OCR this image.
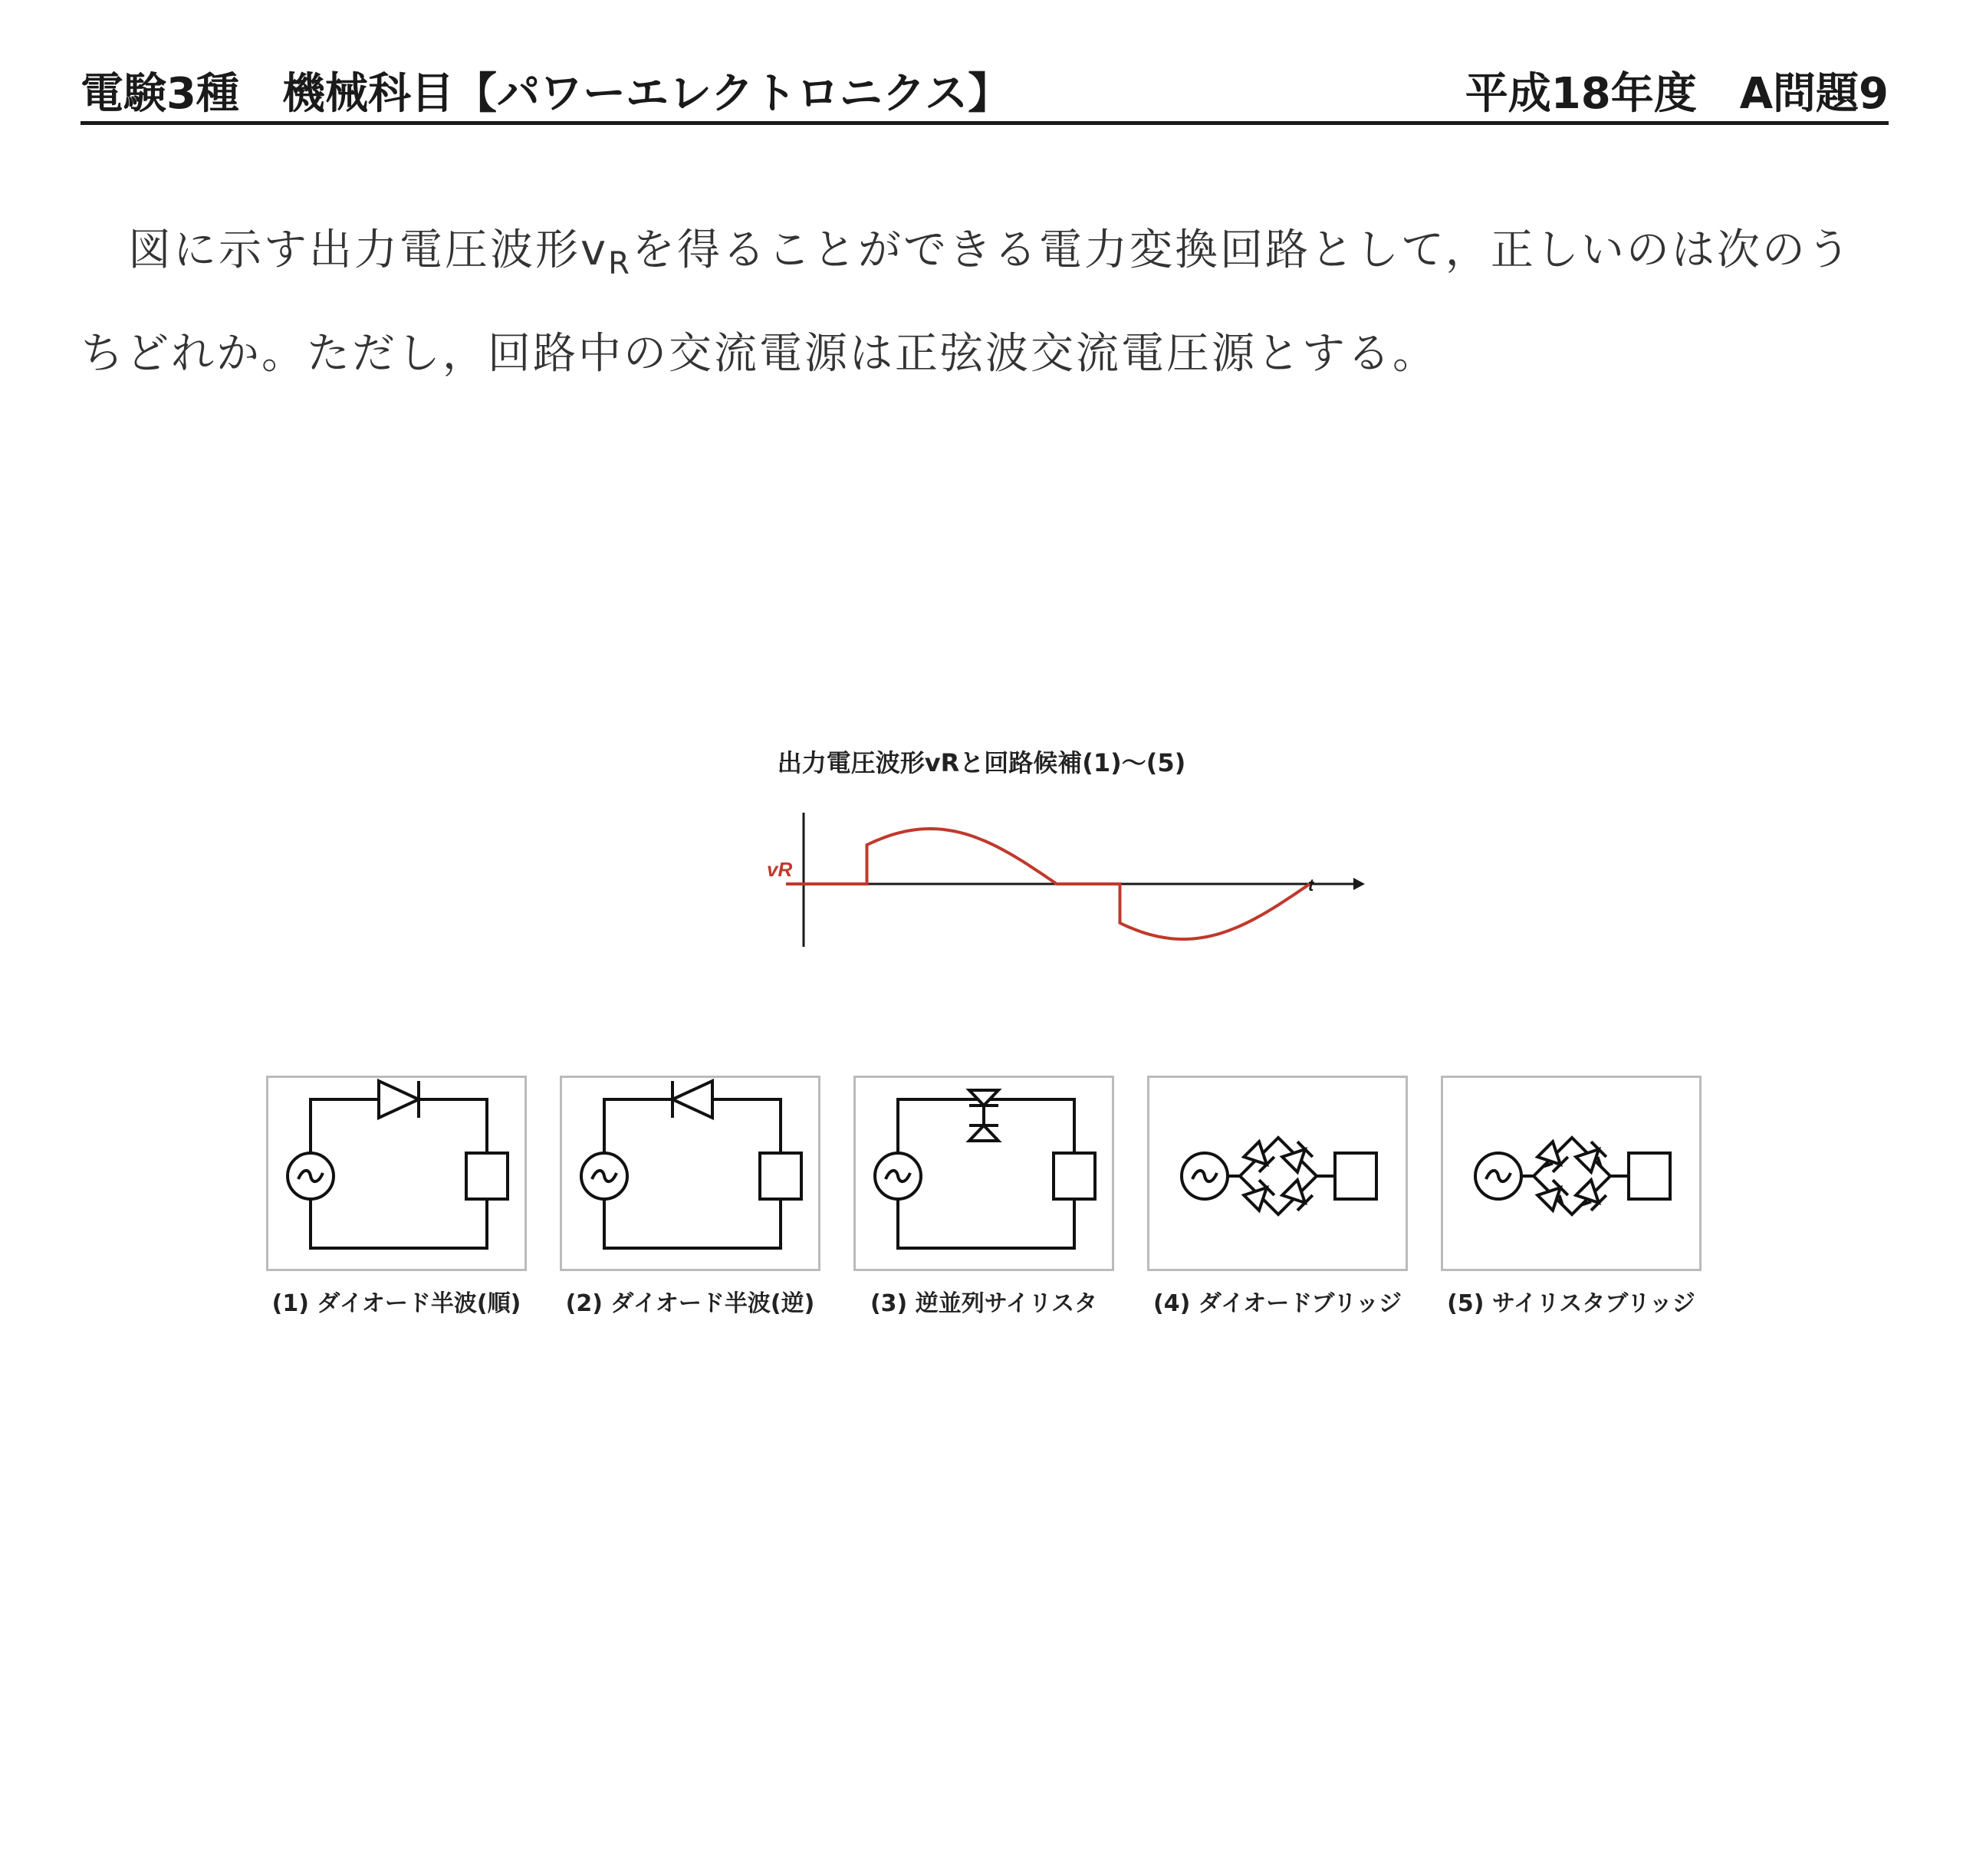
電験3種　機械科目【パワーエレクトロニクス】	平成18年度　A問題9

図に示す出力電圧波形$v_R$を得ることができる電力変換回路として，正しいのは次のうちどれか。ただし，回路中の交流電源は正弦波交流電圧源とする。

出力電圧波形vRと回路候補(1)〜(5)
vR
t
(1) ダイオード半波(順)	(2) ダイオード半波(逆)	(3) 逆並列サイリスタ	(4) ダイオードブリッジ	(5) サイリスタブリッジ
